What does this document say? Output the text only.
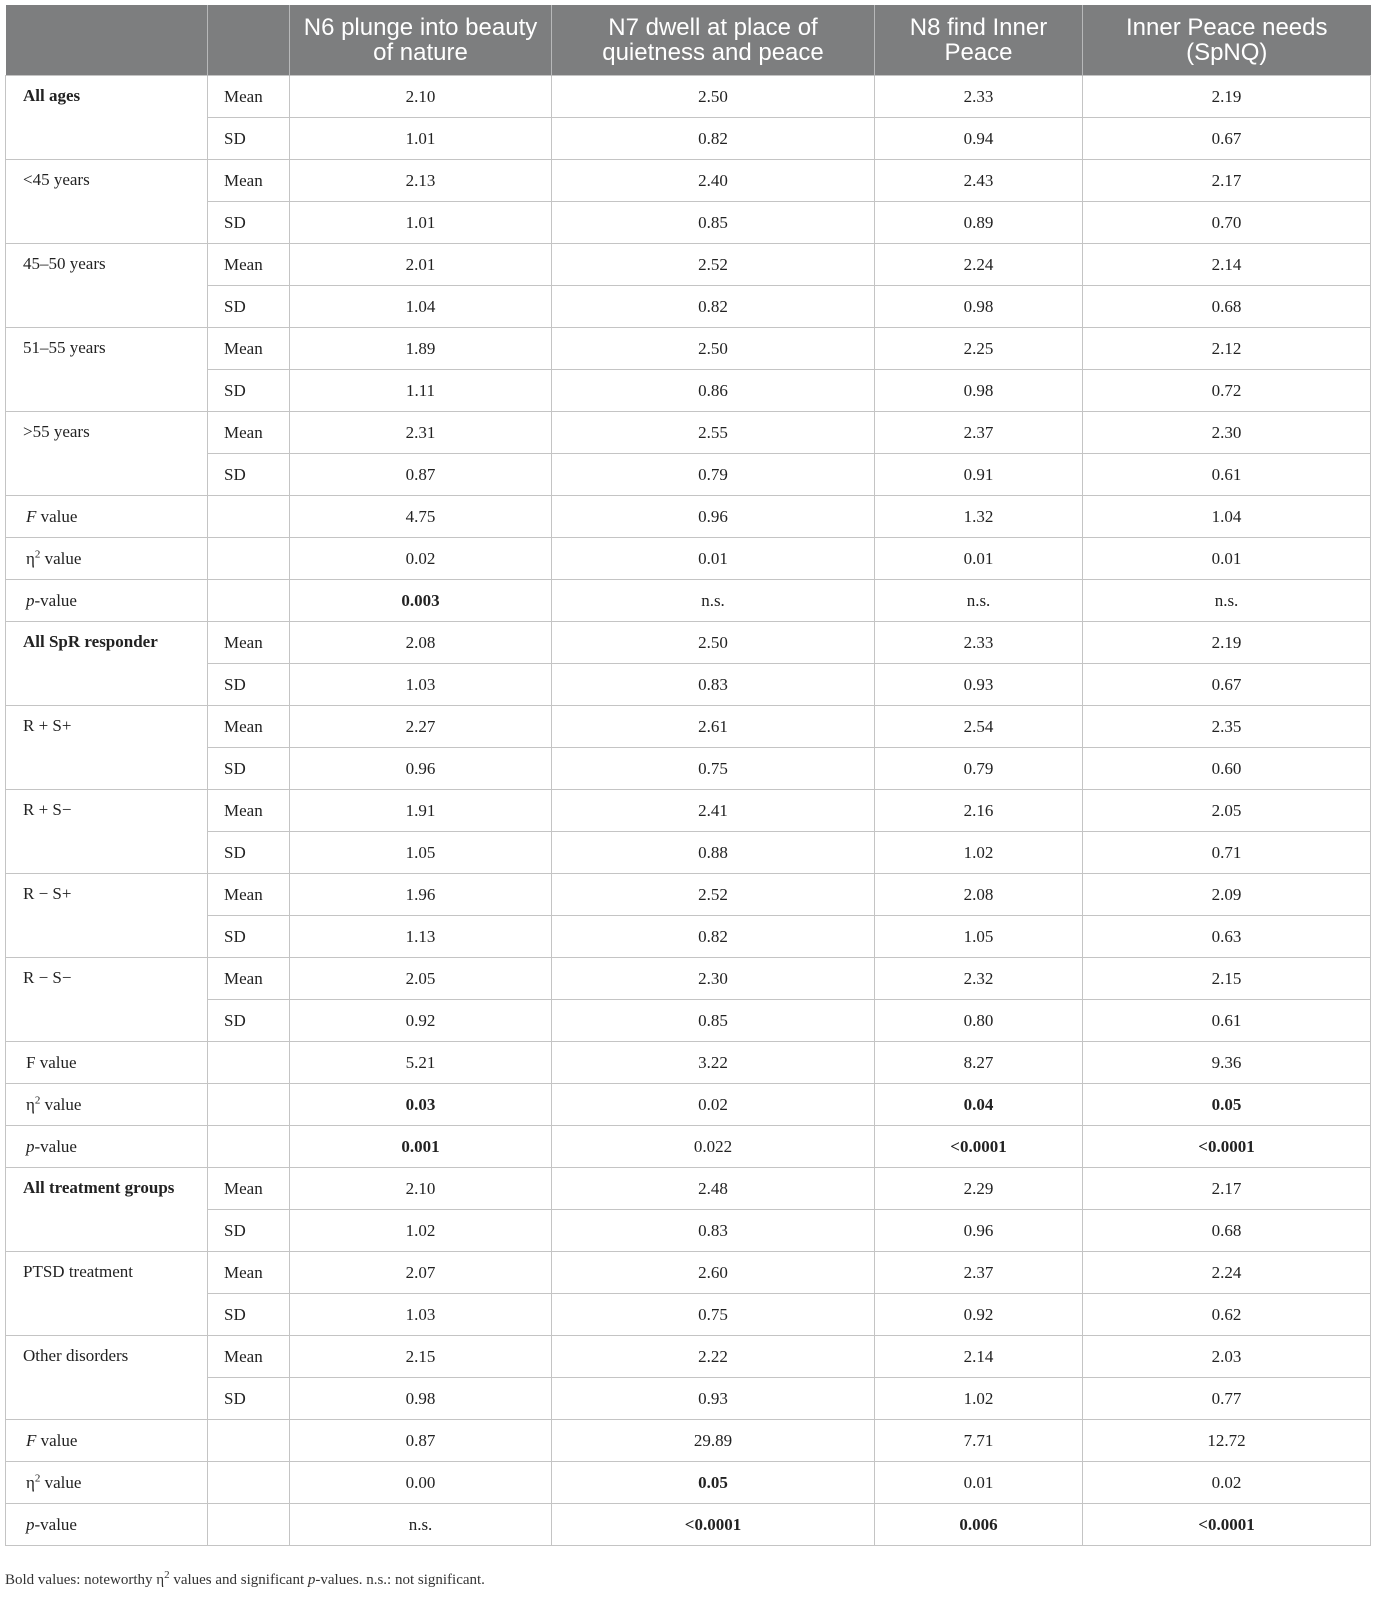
		N6 plunge into beauty of nature	N7 dwell at place of quietness and peace	N8 find Inner Peace	Inner Peace needs (SpNQ)
All ages	Mean	2.10	2.50	2.33	2.19
	SD	1.01	0.82	0.94	0.67
<45 years	Mean	2.13	2.40	2.43	2.17
	SD	1.01	0.85	0.89	0.70
45–50 years	Mean	2.01	2.52	2.24	2.14
	SD	1.04	0.82	0.98	0.68
51–55 years	Mean	1.89	2.50	2.25	2.12
	SD	1.11	0.86	0.98	0.72
>55 years	Mean	2.31	2.55	2.37	2.30
	SD	0.87	0.79	0.91	0.61
F value		4.75	0.96	1.32	1.04
$\eta^2$ value		0.02	0.01	0.01	0.01
p-value		0.003	n.s.	n.s.	n.s.
All SpR responder	Mean	2.08	2.50	2.33	2.19
	SD	1.03	0.83	0.93	0.67
R + S+	Mean	2.27	2.61	2.54	2.35
	SD	0.96	0.75	0.79	0.60
R + S−	Mean	1.91	2.41	2.16	2.05
	SD	1.05	0.88	1.02	0.71
R − S+	Mean	1.96	2.52	2.08	2.09
	SD	1.13	0.82	1.05	0.63
R − S−	Mean	2.05	2.30	2.32	2.15
	SD	0.92	0.85	0.80	0.61
F value		5.21	3.22	8.27	9.36
$\eta^2$ value		0.03	0.02	0.04	0.05
p-value		0.001	0.022	<0.0001	<0.0001
All treatment groups	Mean	2.10	2.48	2.29	2.17
	SD	1.02	0.83	0.96	0.68
PTSD treatment	Mean	2.07	2.60	2.37	2.24
	SD	1.03	0.75	0.92	0.62
Other disorders	Mean	2.15	2.22	2.14	2.03
	SD	0.98	0.93	1.02	0.77
F value		0.87	29.89	7.71	12.72
$\eta^2$ value		0.00	0.05	0.01	0.02
p-value		n.s.	<0.0001	0.006	<0.0001
Bold values: noteworthy $\eta^2$ values and significant p-values. n.s.: not significant.
